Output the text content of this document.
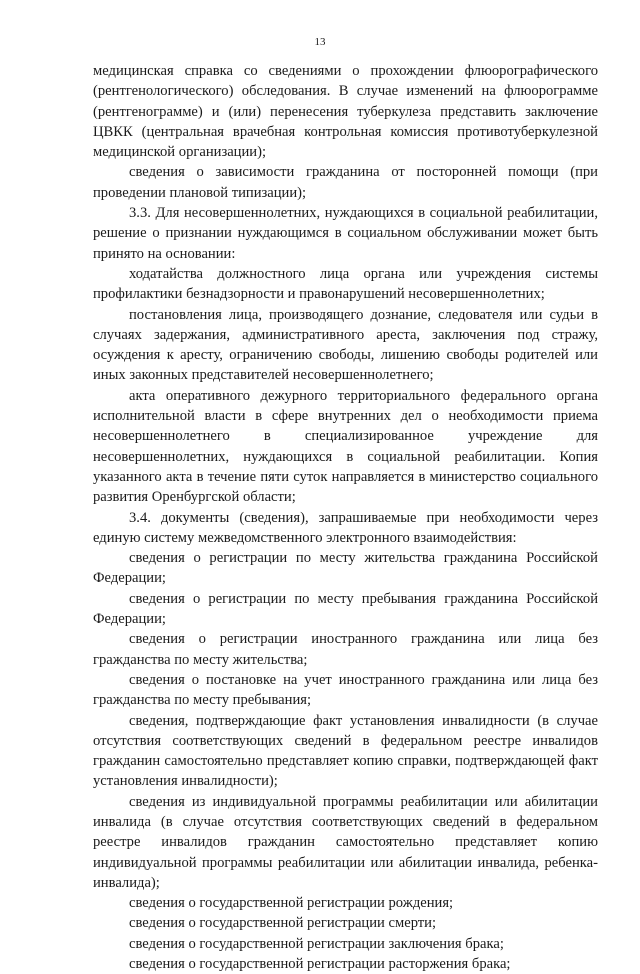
13

медицинская справка со сведениями о прохождении флюорографического (рентгенологического) обследования. В случае изменений на флюорограмме (рентгенограмме) и (или) перенесения туберкулеза представить заключение ЦВКК (центральная врачебная контрольная комиссия противотуберкулезной медицинской организации);

сведения о зависимости гражданина от посторонней помощи (при проведении плановой типизации);

3.3. Для несовершеннолетних, нуждающихся в социальной реабилитации, решение о признании нуждающимся в социальном обслуживании может быть принято на основании:

ходатайства должностного лица органа или учреждения системы профилактики безнадзорности и правонарушений несовершеннолетних;

постановления лица, производящего дознание, следователя или судьи в случаях задержания, административного ареста, заключения под стражу, осуждения к аресту, ограничению свободы, лишению свободы родителей или иных законных представителей несовершеннолетнего;

акта оперативного дежурного территориального федерального органа исполнительной власти в сфере внутренних дел о необходимости приема несовершеннолетнего в специализированное учреждение для несовершеннолетних, нуждающихся в социальной реабилитации. Копия указанного акта в течение пяти суток направляется в министерство социального развития Оренбургской области;

3.4. документы (сведения), запрашиваемые при необходимости через единую систему межведомственного электронного взаимодействия:

сведения о регистрации по месту жительства гражданина Российской Федерации;

сведения о регистрации по месту пребывания гражданина Российской Федерации;

сведения о регистрации иностранного гражданина или лица без гражданства по месту жительства;

сведения о постановке на учет иностранного гражданина или лица без гражданства по месту пребывания;

сведения, подтверждающие факт установления инвалидности (в случае отсутствия соответствующих сведений в федеральном реестре инвалидов гражданин самостоятельно представляет копию справки, подтверждающей факт установления инвалидности);

сведения из индивидуальной программы реабилитации или абилитации инвалида (в случае отсутствия соответствующих сведений в федеральном реестре инвалидов гражданин самостоятельно представляет копию индивидуальной программы реабилитации или абилитации инвалида, ребенка-инвалида);

сведения о государственной регистрации рождения;

сведения о государственной регистрации смерти;

сведения о государственной регистрации заключения брака;

сведения о государственной регистрации расторжения брака;
